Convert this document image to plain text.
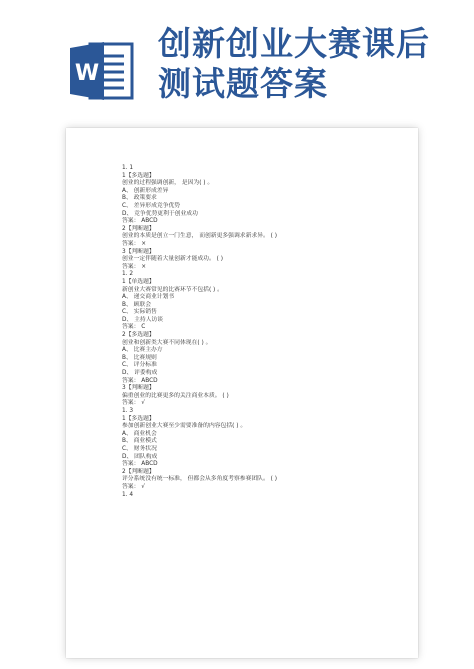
W
创新创业大赛课后
测试题答案
1. 1
1【多选题】
创业的过程强调创新， 是因为( ) 。
A、 创新形成差异
B、 政策要求
C、 差异形成竞争优势
D、 竞争优势更利于创业成功
答案： ABCD
2【判断题】
创业的本质是创立一门生意， 而创新更多强调求新求异。 ( )
答案： ×
3【判断题】
创业一定伴随着大量创新才能成功。 ( )
答案： ×
1. 2
1【单选题】
新创业大赛常见的比赛环节不包括( ) 。
A、 递交商业计划书
B、 顾联会
C、 实际销售
D、 主持人访谈
答案： C
2【多选题】
创业和创新类大赛不同体现在( ) 。
A、 比赛主办方
B、 比赛规则
C、 评分标准
D、 评委构成
答案： ABCD
3【判断题】
偏重创业的比赛更多的关注商业本质。 ( )
答案： √
1. 3
1【多选题】
参加创新创业大赛至少需要准备的内容包括( ) 。
A、 商业机会
B、 商业模式
C、 财务状况
D、 团队构成
答案： ABCD
2【判断题】
评分系统没有统一标准， 但都会从多角度考察参赛团队。 ( )
答案： √
1. 4
